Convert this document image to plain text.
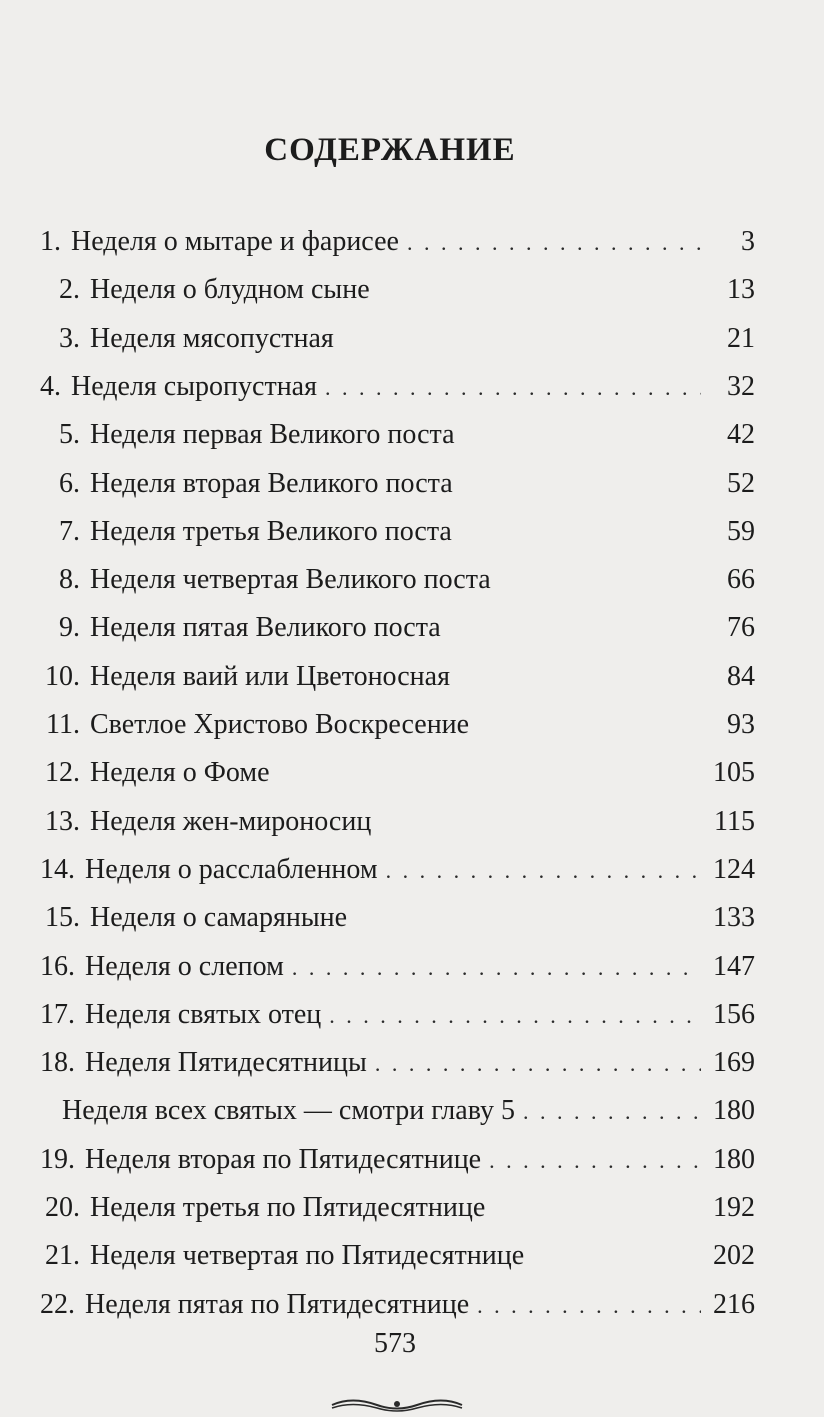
СОДЕРЖАНИЕ
1. Неделя о мытаре и фарисее . . .	3
2. Неделя о блудном сыне	13
3. Неделя мясопустная	21
4. Неделя сыропустная . . .	32
5. Неделя первая Великого поста	42
6. Неделя вторая Великого поста	52
7. Неделя третья Великого поста	59
8. Неделя четвертая Великого поста	66
9. Неделя пятая Великого поста	76
10. Неделя ваий или Цветоносная	84
11. Светлое Христово Воскресение	93
12. Неделя о Фоме	105
13. Неделя жен-мироносиц	115
14. Неделя о расслабленном . . .	124
15. Неделя о самаряныне	133
16. Неделя о слепом . . .	147
17. Неделя святых отец . . .	156
18. Неделя Пятидесятницы . . .	169
Неделя всех святых — смотри главу 5 . . .	180
19. Неделя вторая по Пятидесятнице . . .	180
20. Неделя третья по Пятидесятнице	192
21. Неделя четвертая по Пятидесятнице	202
22. Неделя пятая по Пятидесятнице . . .	216
573
